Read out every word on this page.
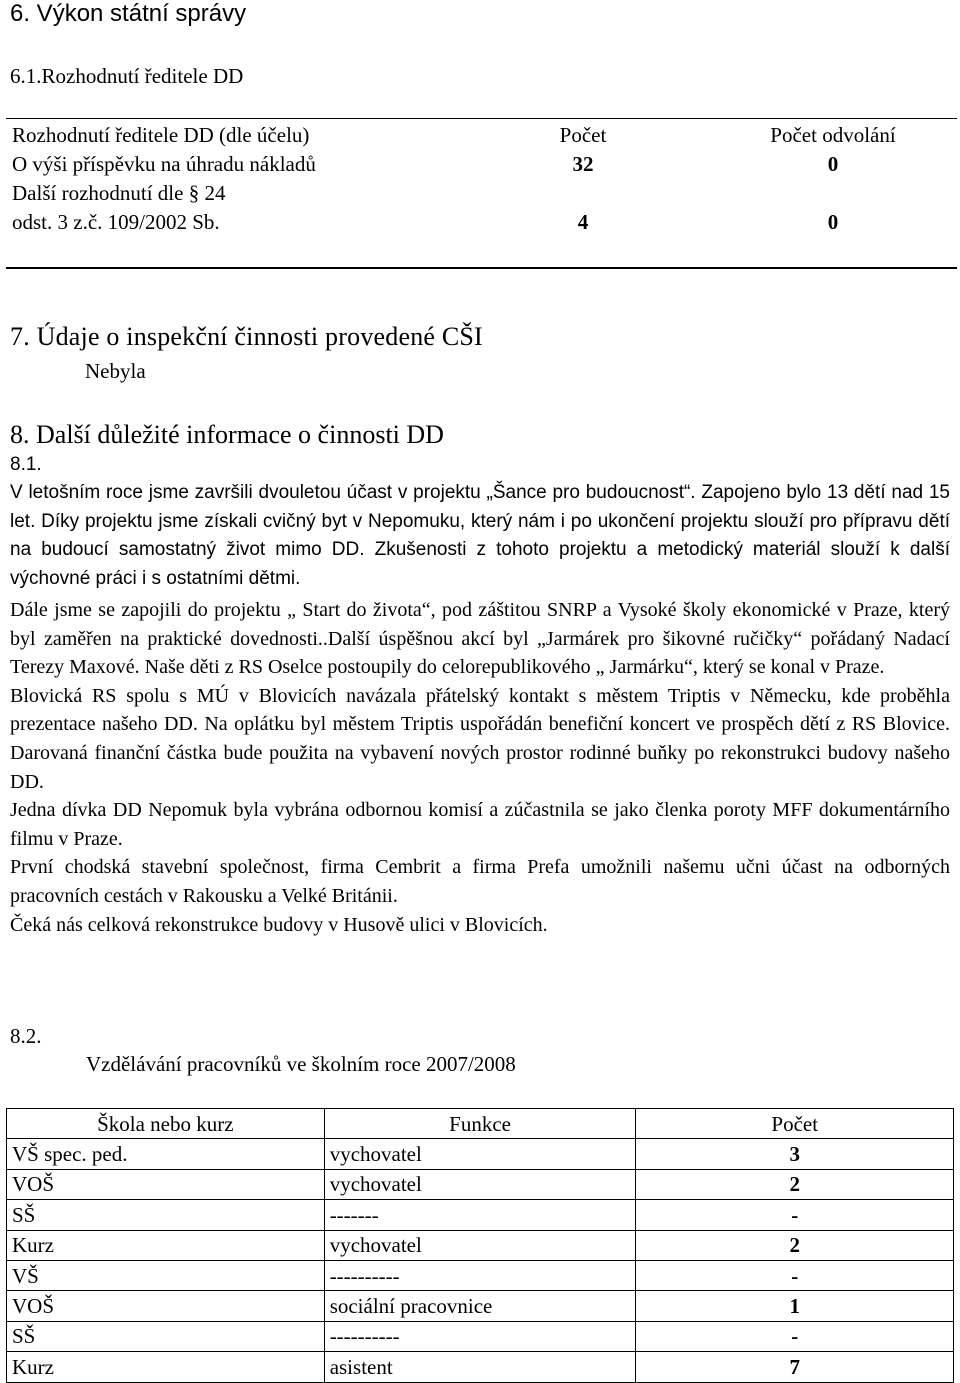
6. Výkon státní správy
6.1.Rozhodnutí ředitele DD
Rozhodnutí ředitele DD (dle účelu)	Počet	Počet odvolání
O výši příspěvku na úhradu nákladů	32	0
Další rozhodnutí dle § 24
odst. 3 z.č. 109/2002 Sb.	4	0
7. Údaje o inspekční činnosti provedené CŠI
Nebyla
8. Další důležité informace o činnosti DD
8.1.
V letošním roce jsme završili dvouletou účast v projektu „Šance pro budoucnost“. Zapojeno bylo 13 dětí nad 15 let. Díky projektu jsme získali cvičný byt v Nepomuku, který nám i po ukončení projektu slouží pro přípravu dětí na budoucí samostatný život mimo DD. Zkušenosti z tohoto projektu a metodický materiál slouží k další výchovné práci i s ostatními dětmi.
Dále jsme se zapojili do projektu „ Start do života“, pod záštitou SNRP a Vysoké školy ekonomické v Praze, který byl zaměřen na praktické dovednosti..Další úspěšnou akcí byl „Jarmárek pro šikovné ručičky“ pořádaný Nadací Terezy Maxové. Naše děti z RS Oselce postoupily do celorepublikového „ Jarmárku“, který se konal v Praze.
Blovická RS spolu s MÚ v Blovicích navázala přátelský kontakt s městem Triptis v Německu, kde proběhla prezentace našeho DD. Na oplátku byl městem Triptis uspořádán benefiční koncert ve prospěch dětí z RS Blovice. Darovaná finanční částka bude použita na vybavení nových prostor rodinné buňky po rekonstrukci budovy našeho DD.
Jedna dívka DD Nepomuk byla vybrána odbornou komisí a zúčastnila se jako členka poroty MFF dokumentárního filmu v Praze.
První chodská stavební společnost, firma Cembrit a firma Prefa umožnili našemu učni účast na odborných pracovních cestách v Rakousku a Velké Británii.
Čeká nás celková rekonstrukce budovy v Husově ulici v Blovicích.
8.2.
Vzdělávání pracovníků ve školním roce 2007/2008
Škola nebo kurz	Funkce	Počet
VŠ spec. ped.	vychovatel	3
VOŠ	vychovatel	2
SŠ	-------	-
Kurz	vychovatel	2
VŠ	----------	-
VOŠ	sociální pracovnice	1
SŠ	----------	-
Kurz	asistent	7
